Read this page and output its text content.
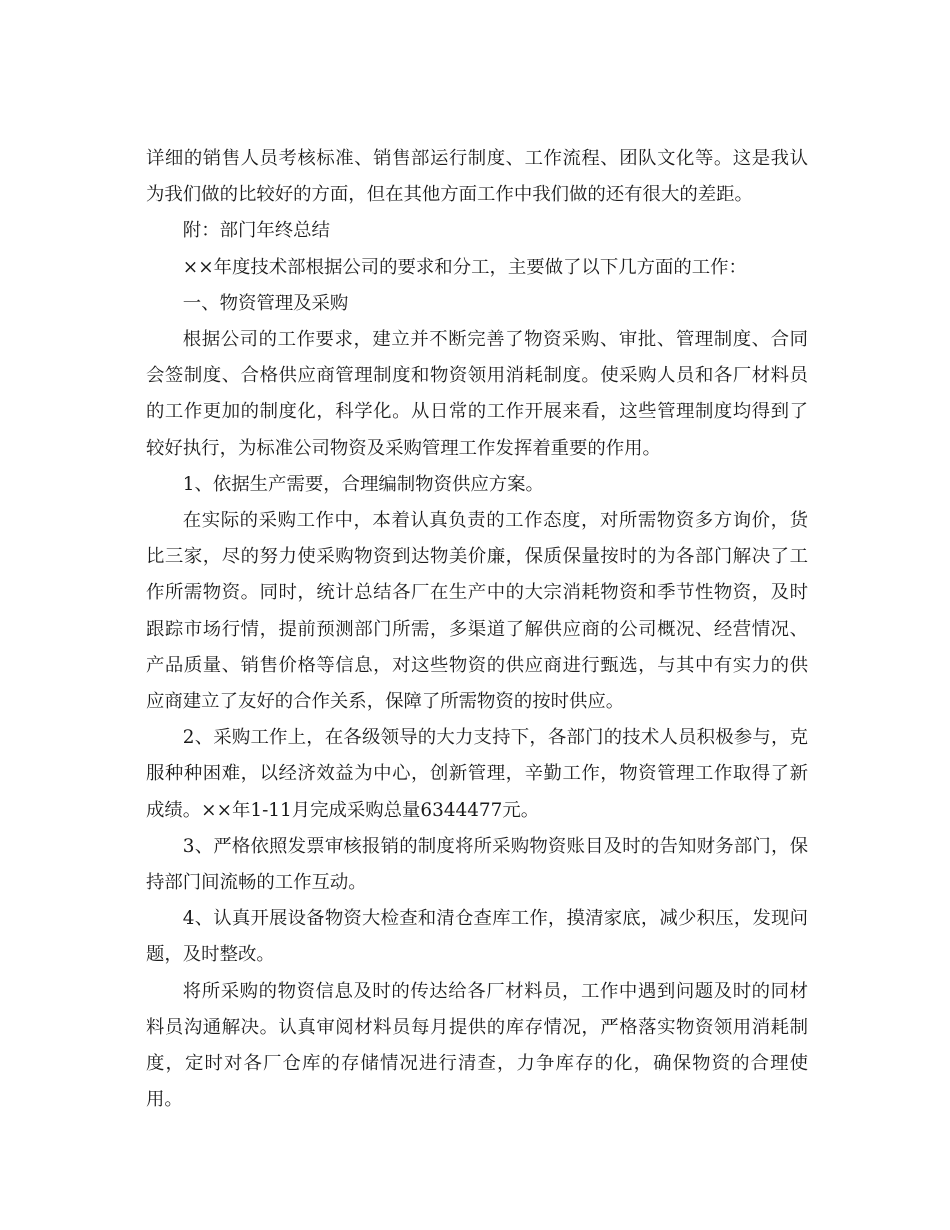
详细的销售人员考核标准、销售部运行制度、工作流程、团队文化等。这是我认为我们做的比较好的方面，但在其他方面工作中我们做的还有很大的差距。

附：部门年终总结

××年度技术部根据公司的要求和分工，主要做了以下几方面的工作：

一、物资管理及采购

根据公司的工作要求，建立并不断完善了物资采购、审批、管理制度、合同会签制度、合格供应商管理制度和物资领用消耗制度。使采购人员和各厂材料员的工作更加的制度化，科学化。从日常的工作开展来看，这些管理制度均得到了较好执行，为标准公司物资及采购管理工作发挥着重要的作用。

1、依据生产需要，合理编制物资供应方案。

在实际的采购工作中，本着认真负责的工作态度，对所需物资多方询价，货比三家，尽的努力使采购物资到达物美价廉，保质保量按时的为各部门解决了工作所需物资。同时，统计总结各厂在生产中的大宗消耗物资和季节性物资，及时跟踪市场行情，提前预测部门所需，多渠道了解供应商的公司概况、经营情况、产品质量、销售价格等信息，对这些物资的供应商进行甄选，与其中有实力的供应商建立了友好的合作关系，保障了所需物资的按时供应。

2、采购工作上，在各级领导的大力支持下，各部门的技术人员积极参与，克服种种困难，以经济效益为中心，创新管理，辛勤工作，物资管理工作取得了新成绩。××年1-11月完成采购总量6344477元。

3、严格依照发票审核报销的制度将所采购物资账目及时的告知财务部门，保持部门间流畅的工作互动。

4、认真开展设备物资大检查和清仓查库工作，摸清家底，减少积压，发现问题，及时整改。

将所采购的物资信息及时的传达给各厂材料员，工作中遇到问题及时的同材料员沟通解决。认真审阅材料员每月提供的库存情况，严格落实物资领用消耗制度，定时对各厂仓库的存储情况进行清查，力争库存的化，确保物资的合理使用。
